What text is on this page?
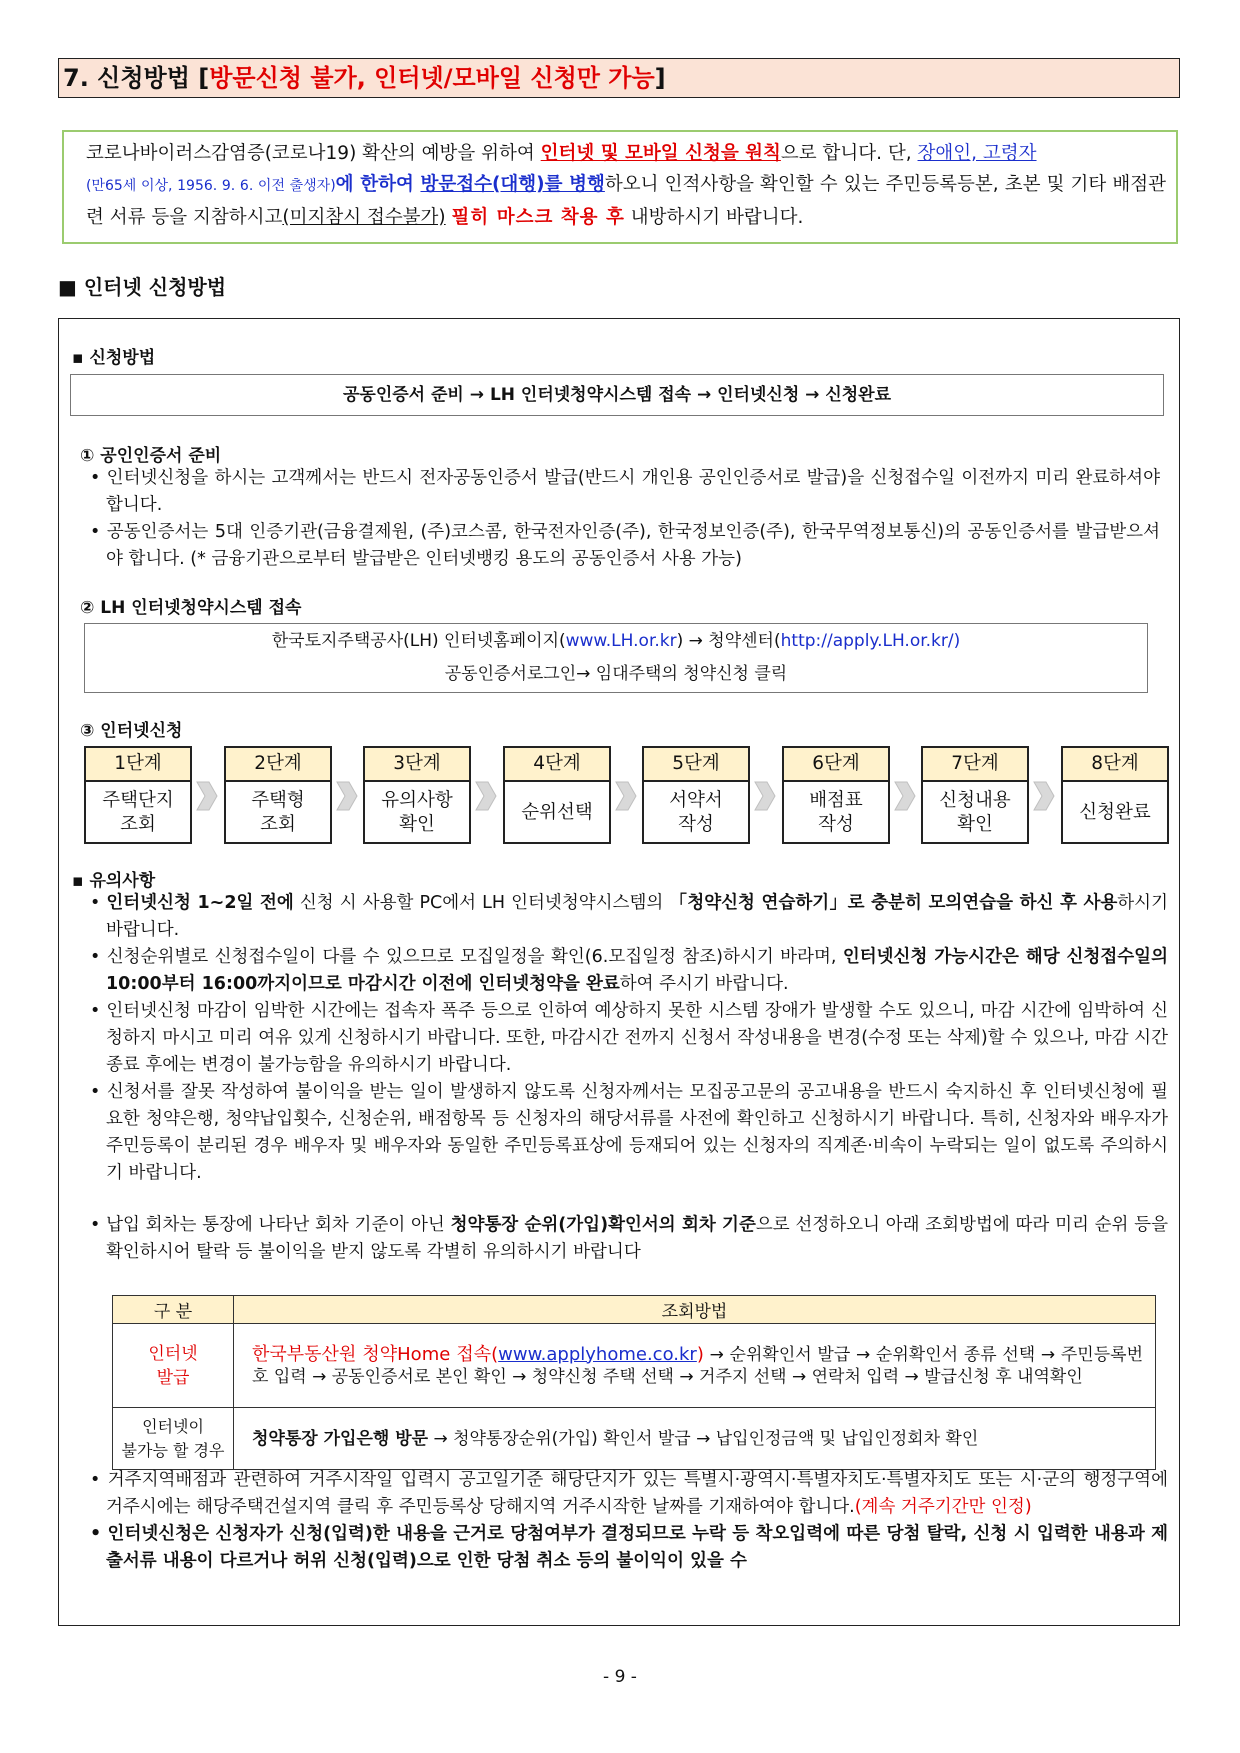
7. 신청방법 [방문신청 불가, 인터넷/모바일 신청만 가능]
코로나바이러스감염증(코로나19) 확산의 예방을 위하여 인터넷 및 모바일 신청을 원칙으로 합니다. 단, 장애인, 고령자
(만65세 이상, 1956. 9. 6. 이전 출생자)에 한하여 방문접수(대행)를 병행하오니 인적사항을 확인할 수 있는 주민등록등본, 초본 및 기타 배점관련 서류 등을 지참하시고(미지참시 접수불가) 필히 마스크 착용 후 내방하시기 바랍니다.
■ 인터넷 신청방법
▪ 신청방법
공동인증서 준비 → LH 인터넷청약시스템 접속 → 인터넷신청 → 신청완료
① 공인인증서 준비
• 인터넷신청을 하시는 고객께서는 반드시 전자공동인증서 발급(반드시 개인용 공인인증서로 발급)을 신청접수일 이전까지 미리 완료하셔야 합니다.
• 공동인증서는 5대 인증기관(금융결제원, (주)코스콤, 한국전자인증(주), 한국정보인증(주), 한국무역정보통신)의 공동인증서를 발급받으셔야 합니다. (* 금융기관으로부터 발급받은 인터넷뱅킹 용도의 공동인증서 사용 가능)
② LH 인터넷청약시스템 접속
한국토지주택공사(LH) 인터넷홈페이지(www.LH.or.kr) → 청약센터(http://apply.LH.or.kr/)
공동인증서로그인→ 임대주택의 청약신청 클릭
③ 인터넷신청
1단계
주택단지
조회
2단계
주택형
조회
3단계
유의사항
확인
4단계
순위선택
5단계
서약서
작성
6단계
배점표
작성
7단계
신청내용
확인
8단계
신청완료
▪ 유의사항
• 인터넷신청 1~2일 전에 신청 시 사용할 PC에서 LH 인터넷청약시스템의 「청약신청 연습하기」로 충분히 모의연습을 하신 후 사용하시기 바랍니다.
• 신청순위별로 신청접수일이 다를 수 있으므로 모집일정을 확인(6.모집일정 참조)하시기 바라며, 인터넷신청 가능시간은 해당 신청접수일의 10:00부터 16:00까지이므로 마감시간 이전에 인터넷청약을 완료하여 주시기 바랍니다.
• 인터넷신청 마감이 임박한 시간에는 접속자 폭주 등으로 인하여 예상하지 못한 시스템 장애가 발생할 수도 있으니, 마감 시간에 임박하여 신청하지 마시고 미리 여유 있게 신청하시기 바랍니다. 또한, 마감시간 전까지 신청서 작성내용을 변경(수정 또는 삭제)할 수 있으나, 마감 시간 종료 후에는 변경이 불가능함을 유의하시기 바랍니다.
• 신청서를 잘못 작성하여 불이익을 받는 일이 발생하지 않도록 신청자께서는 모집공고문의 공고내용을 반드시 숙지하신 후 인터넷신청에 필요한 청약은행, 청약납입횟수, 신청순위, 배점항목 등 신청자의 해당서류를 사전에 확인하고 신청하시기 바랍니다. 특히, 신청자와 배우자가 주민등록이 분리된 경우 배우자 및 배우자와 동일한 주민등록표상에 등재되어 있는 신청자의 직계존·비속이 누락되는 일이 없도록 주의하시기 바랍니다.
• 납입 회차는 통장에 나타난 회차 기준이 아닌 청약통장 순위(가입)확인서의 회차 기준으로 선정하오니 아래 조회방법에 따라 미리 순위 등을 확인하시어 탈락 등 불이익을 받지 않도록 각별히 유의하시기 바랍니다
구 분	조회방법
인터넷
발급	한국부동산원 청약Home 접속(www.applyhome.co.kr) → 순위확인서 발급 → 순위확인서 종류 선택 → 주민등록번호 입력 → 공동인증서로 본인 확인 → 청약신청 주택 선택 → 거주지 선택 → 연락처 입력 → 발급신청 후 내역확인
인터넷이
불가능 할 경우	청약통장 가입은행 방문 → 청약통장순위(가입) 확인서 발급 → 납입인정금액 및 납입인정회차 확인
• 거주지역배점과 관련하여 거주시작일 입력시 공고일기준 해당단지가 있는 특별시·광역시·특별자치도·특별자치도 또는 시·군의 행정구역에 거주시에는 해당주택건설지역 클릭 후 주민등록상 당해지역 거주시작한 날짜를 기재하여야 합니다.(계속 거주기간만 인정)
• 인터넷신청은 신청자가 신청(입력)한 내용을 근거로 당첨여부가 결정되므로 누락 등 착오입력에 따른 당첨 탈락, 신청 시 입력한 내용과 제출서류 내용이 다르거나 허위 신청(입력)으로 인한 당첨 취소 등의 불이익이 있을 수
- 9 -
